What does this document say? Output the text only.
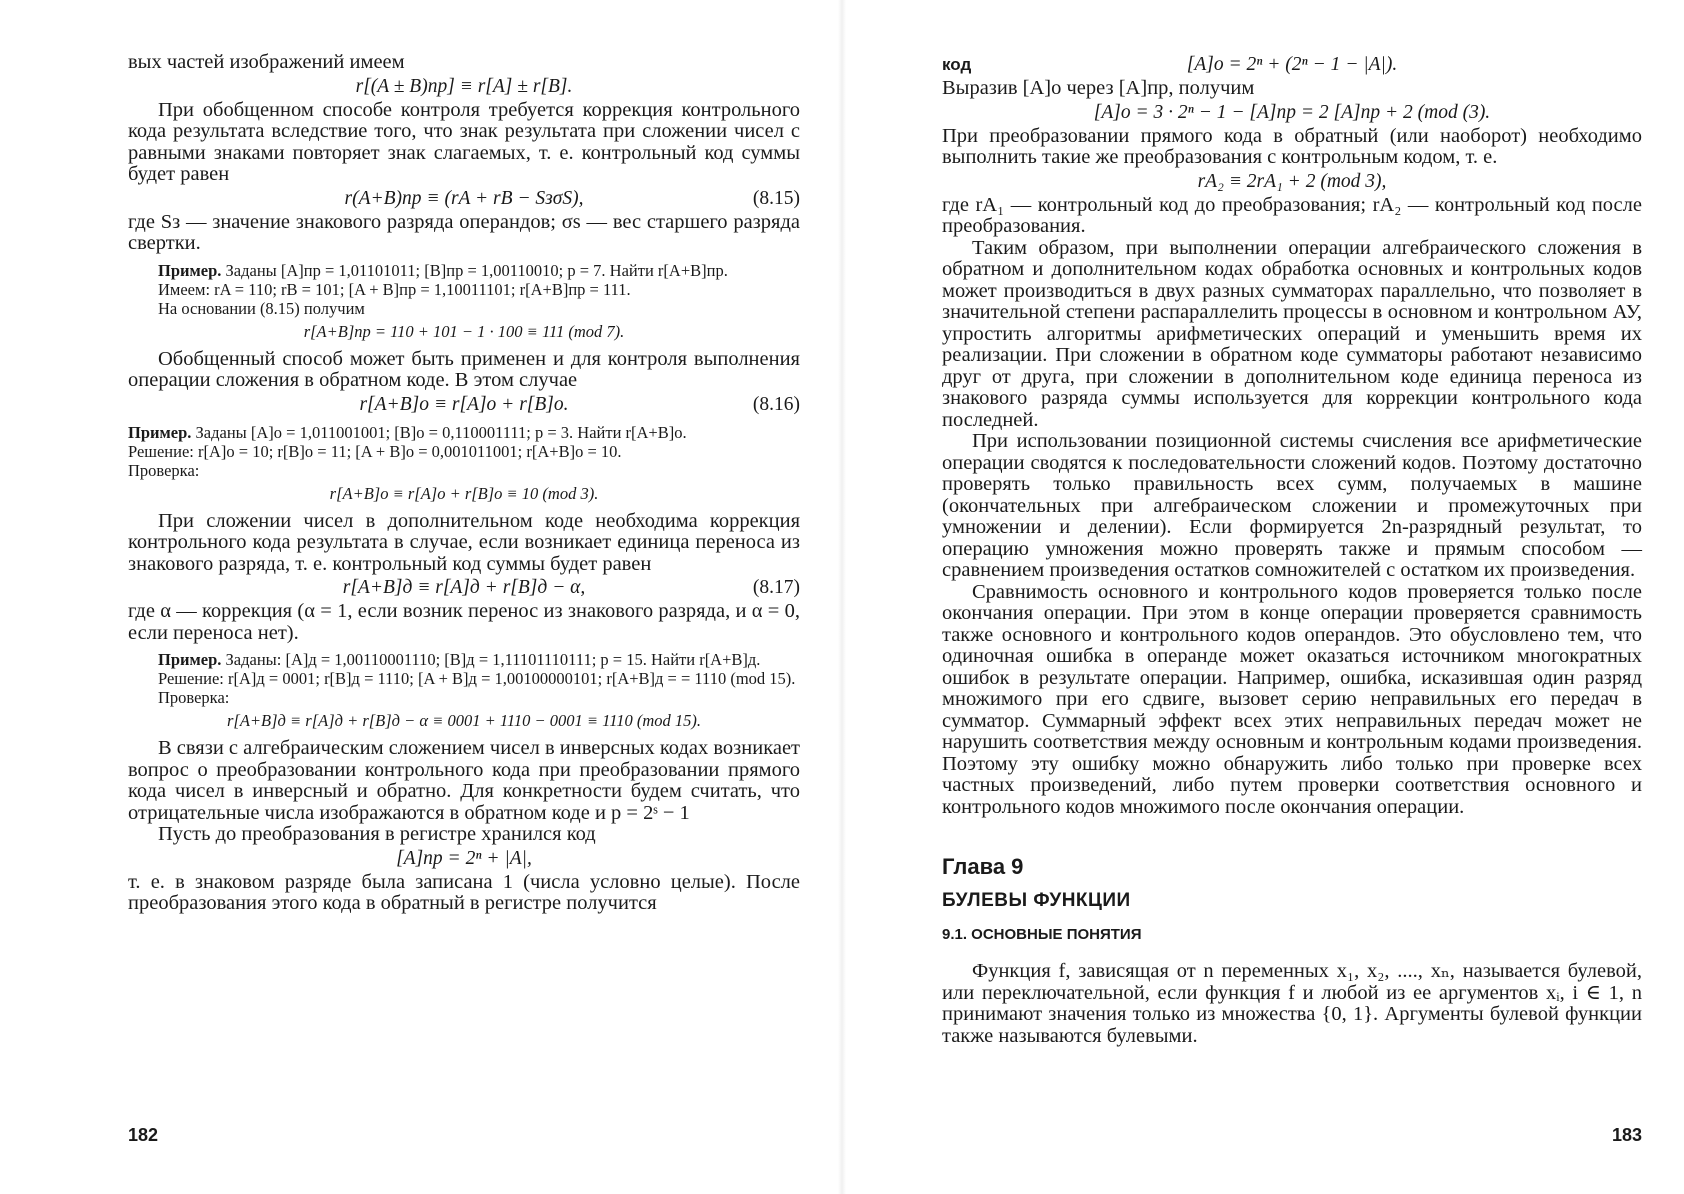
вых частей изображений имеем

r[(A ± B)пр] ≡ r[A] ± r[B].

При обобщенном способе контроля требуется коррекция контрольного кода результата вследствие того, что знак результата при сложении чисел с равными знаками повторяет знак слагаемых, т. е. контрольный код суммы будет равен

r(A+B)пр ≡ (rA + rB − SзσS),	(8.15)

где Sз — значение знакового разряда операндов; σs — вес старшего разряда свертки.

Пример. Заданы [A]пр = 1,01101011; [B]пр = 1,00110010; p = 7. Найти r[A+B]пр.
Имеем: rA = 110; rB = 101; [A + B]пр = 1,10011101; r[A+B]пр = 111.
На основании (8.15) получим
r[A+B]пр = 110 + 101 − 1 · 100 ≡ 111 (mod 7).

Обобщенный способ может быть применен и для контроля выполнения операции сложения в обратном коде. В этом случае

r[A+B]о ≡ r[A]о + r[B]о.	(8.16)
Пример. Заданы [A]о = 1,011001001; [B]о = 0,110001111; p = 3. Найти r[A+B]о.
Решение: r[A]о = 10; r[B]о = 11; [A + B]о = 0,001011001; r[A+B]о = 10.
Проверка:
r[A+B]о ≡ r[A]о + r[B]о ≡ 10 (mod 3).

При сложении чисел в дополнительном коде необходима коррекция контрольного кода результата в случае, если возникает единица переноса из знакового разряда, т. е. контрольный код суммы будет равен

r[A+B]д ≡ r[A]д + r[B]д − α,	(8.17)

где α — коррекция (α = 1, если возник перенос из знакового разряда, и α = 0, если переноса нет).

Пример. Заданы: [A]д = 1,00110001110; [B]д = 1,11101110111; p = 15. Найти r[A+B]д.
Решение: r[A]д = 0001; r[B]д = 1110; [A + B]д = 1,00100000101; r[A+B]д = = 1110 (mod 15).
Проверка:
r[A+B]д ≡ r[A]д + r[B]д − α ≡ 0001 + 1110 − 0001 ≡ 1110 (mod 15).

В связи с алгебраическим сложением чисел в инверсных кодах возникает вопрос о преобразовании контрольного кода при преобразовании прямого кода чисел в инверсный и обратно. Для конкретности будем считать, что отрицательные числа изображаются в обратном коде и p = 2ˢ − 1

Пусть до преобразования в регистре хранился код

[A]пр = 2ⁿ + |A|,

т. е. в знаковом разряде была записана 1 (числа условно целые). После преобразования этого кода в обратный в регистре получится

182
код	[A]о = 2ⁿ + (2ⁿ − 1 − |A|).

Выразив [A]о через [A]пр, получим

[A]о = 3 · 2ⁿ − 1 − [A]пр = 2 [A]пр + 2 (mod (3).

При преобразовании прямого кода в обратный (или наоборот) необходимо выполнить такие же преобразования с контрольным кодом, т. е.

rA₂ ≡ 2rA₁ + 2 (mod 3),

где rA₁ — контрольный код до преобразования; rA₂ — контрольный код после преобразования.

Таким образом, при выполнении операции алгебраического сложения в обратном и дополнительном кодах обработка основных и контрольных кодов может производиться в двух разных сумматорах параллельно, что позволяет в значительной степени распараллелить процессы в основном и контрольном АУ, упростить алгоритмы арифметических операций и уменьшить время их реализации. При сложении в обратном коде сумматоры работают независимо друг от друга, при сложении в дополнительном коде единица переноса из знакового разряда суммы используется для коррекции контрольного кода последней.

При использовании позиционной системы счисления все арифметические операции сводятся к последовательности сложений кодов. Поэтому достаточно проверять только правильность всех сумм, получаемых в машине (окончательных при алгебраическом сложении и промежуточных при умножении и делении). Если формируется 2n-разрядный результат, то операцию умножения можно проверять также и прямым способом — сравнением произведения остатков сомножителей с остатком их произведения.

Сравнимость основного и контрольного кодов проверяется только после окончания операции. При этом в конце операции проверяется сравнимость также основного и контрольного кодов операндов. Это обусловлено тем, что одиночная ошибка в операнде может оказаться источником многократных ошибок в результате операции. Например, ошибка, исказившая один разряд множимого при его сдвиге, вызовет серию неправильных его передач в сумматор. Суммарный эффект всех этих неправильных передач может не нарушить соответствия между основным и контрольным кодами произведения. Поэтому эту ошибку можно обнаружить либо только при проверке всех частных произведений, либо путем проверки соответствия основного и контрольного кодов множимого после окончания операции.

Глава 9
БУЛЕВЫ ФУНКЦИИ
9.1. ОСНОВНЫЕ ПОНЯТИЯ

Функция f, зависящая от n переменных x₁, x₂, ...., xₙ, называется булевой, или переключательной, если функция f и любой из ее аргументов xᵢ, i ∈ 1, n принимают значения только из множества {0, 1}. Аргументы булевой функции также называются булевыми.

183
